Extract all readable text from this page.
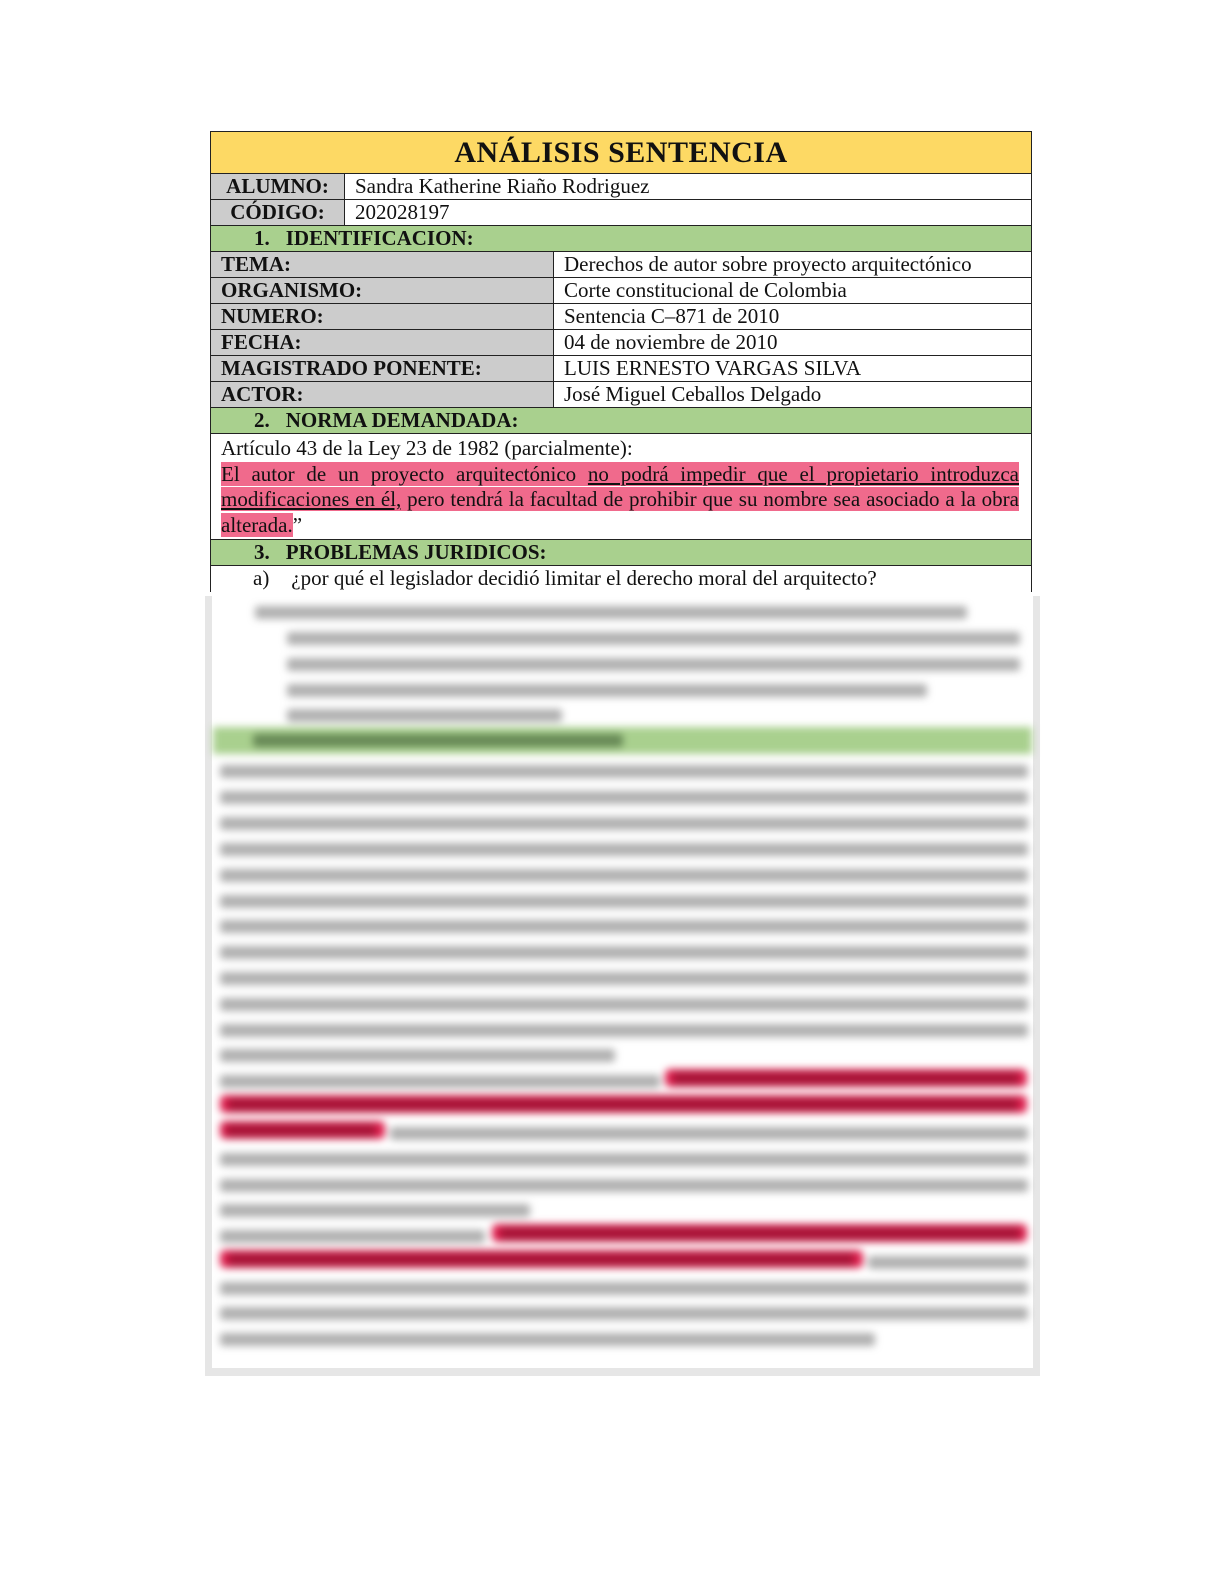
ANÁLISIS SENTENCIA
ALUMNO:	Sandra Katherine Riaño Rodriguez
CÓDIGO:	202028197
1. IDENTIFICACION:
TEMA:	Derechos de autor sobre proyecto arquitectónico
ORGANISMO:	Corte constitucional de Colombia
NUMERO:	Sentencia C–871 de 2010
FECHA:	04 de noviembre de 2010
MAGISTRADO PONENTE:	LUIS ERNESTO VARGAS SILVA
ACTOR:	José Miguel Ceballos Delgado
2. NORMA DEMANDADA:
Artículo 43 de la Ley 23 de 1982 (parcialmente):
El autor de un proyecto arquitectónico no podrá impedir que el propietario introduzca modificaciones en él, pero tendrá la facultad de prohibir que su nombre sea asociado a la obra alterada.”
3. PROBLEMAS JURIDICOS:
a) ¿por qué el legislador decidió limitar el derecho moral del arquitecto?
